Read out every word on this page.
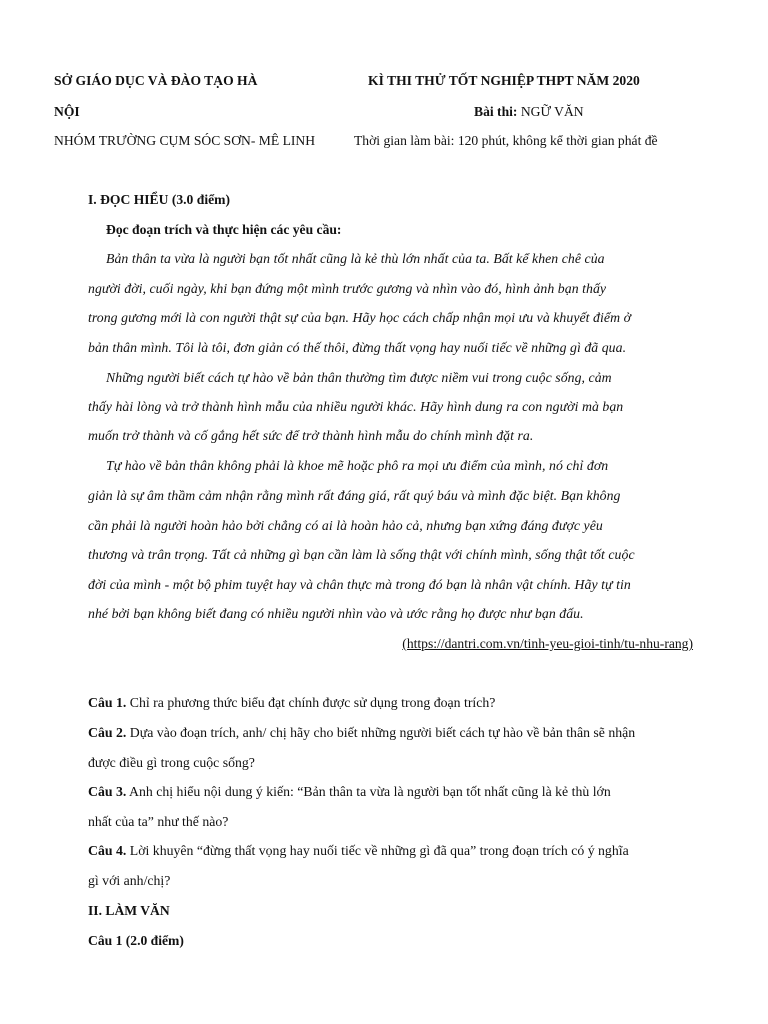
SỞ GIÁO DỤC VÀ ĐÀO TẠO HÀ
NỘI
NHÓM TRƯỜNG CỤM SÓC SƠN- MÊ LINH
KÌ THI THỬ TỐT NGHIỆP THPT NĂM 2020
Bài thi: NGỮ VĂN
Thời gian làm bài: 120 phút, không kể thời gian phát đề
I. ĐỌC HIỂU (3.0 điểm)
Đọc đoạn trích và thực hiện các yêu cầu:
Bản thân ta vừa là người bạn tốt nhất cũng là kẻ thù lớn nhất của ta. Bất kể khen chê của
người đời, cuối ngày, khi bạn đứng một mình trước gương và nhìn vào đó, hình ảnh bạn thấy
trong gương mới là con người thật sự của bạn. Hãy học cách chấp nhận mọi ưu và khuyết điểm ở
bản thân mình. Tôi là tôi, đơn giản có thế thôi, đừng thất vọng hay nuối tiếc về những gì đã qua.
Những người biết cách tự hào về bản thân thường tìm được niềm vui trong cuộc sống, cảm
thấy hài lòng và trở thành hình mẫu của nhiều người khác. Hãy hình dung ra con người mà bạn
muốn trở thành và cố gắng hết sức để trở thành hình mẫu do chính mình đặt ra.
Tự hào về bản thân không phải là khoe mẽ hoặc phô ra mọi ưu điểm của mình, nó chỉ đơn
giản là sự âm thầm cảm nhận rằng mình rất đáng giá, rất quý báu và mình đặc biệt. Bạn không
cần phải là người hoàn hảo bởi chẳng có ai là hoàn hảo cả, nhưng bạn xứng đáng được yêu
thương và trân trọng. Tất cả những gì bạn cần làm là sống thật với chính mình, sống thật tốt cuộc
đời của mình - một bộ phim tuyệt hay và chân thực mà trong đó bạn là nhân vật chính. Hãy tự tin
nhé bởi bạn không biết đang có nhiều người nhìn vào và ước rằng họ được như bạn đấu.
(https://dantri.com.vn/tinh-yeu-gioi-tinh/tu-nhu-rang)
Câu 1. Chỉ ra phương thức biểu đạt chính được sử dụng trong đoạn trích?
Câu 2. Dựa vào đoạn trích, anh/ chị hãy cho biết những người biết cách tự hào về bản thân sẽ nhận
được điều gì trong cuộc sống?
Câu 3. Anh chị hiểu nội dung ý kiến: “Bản thân ta vừa là người bạn tốt nhất cũng là kẻ thù lớn
nhất của ta” như thế nào?
Câu 4. Lời khuyên “đừng thất vọng hay nuối tiếc về những gì đã qua” trong đoạn trích có ý nghĩa
gì với anh/chị?
II. LÀM VĂN
Câu 1 (2.0 điểm)
